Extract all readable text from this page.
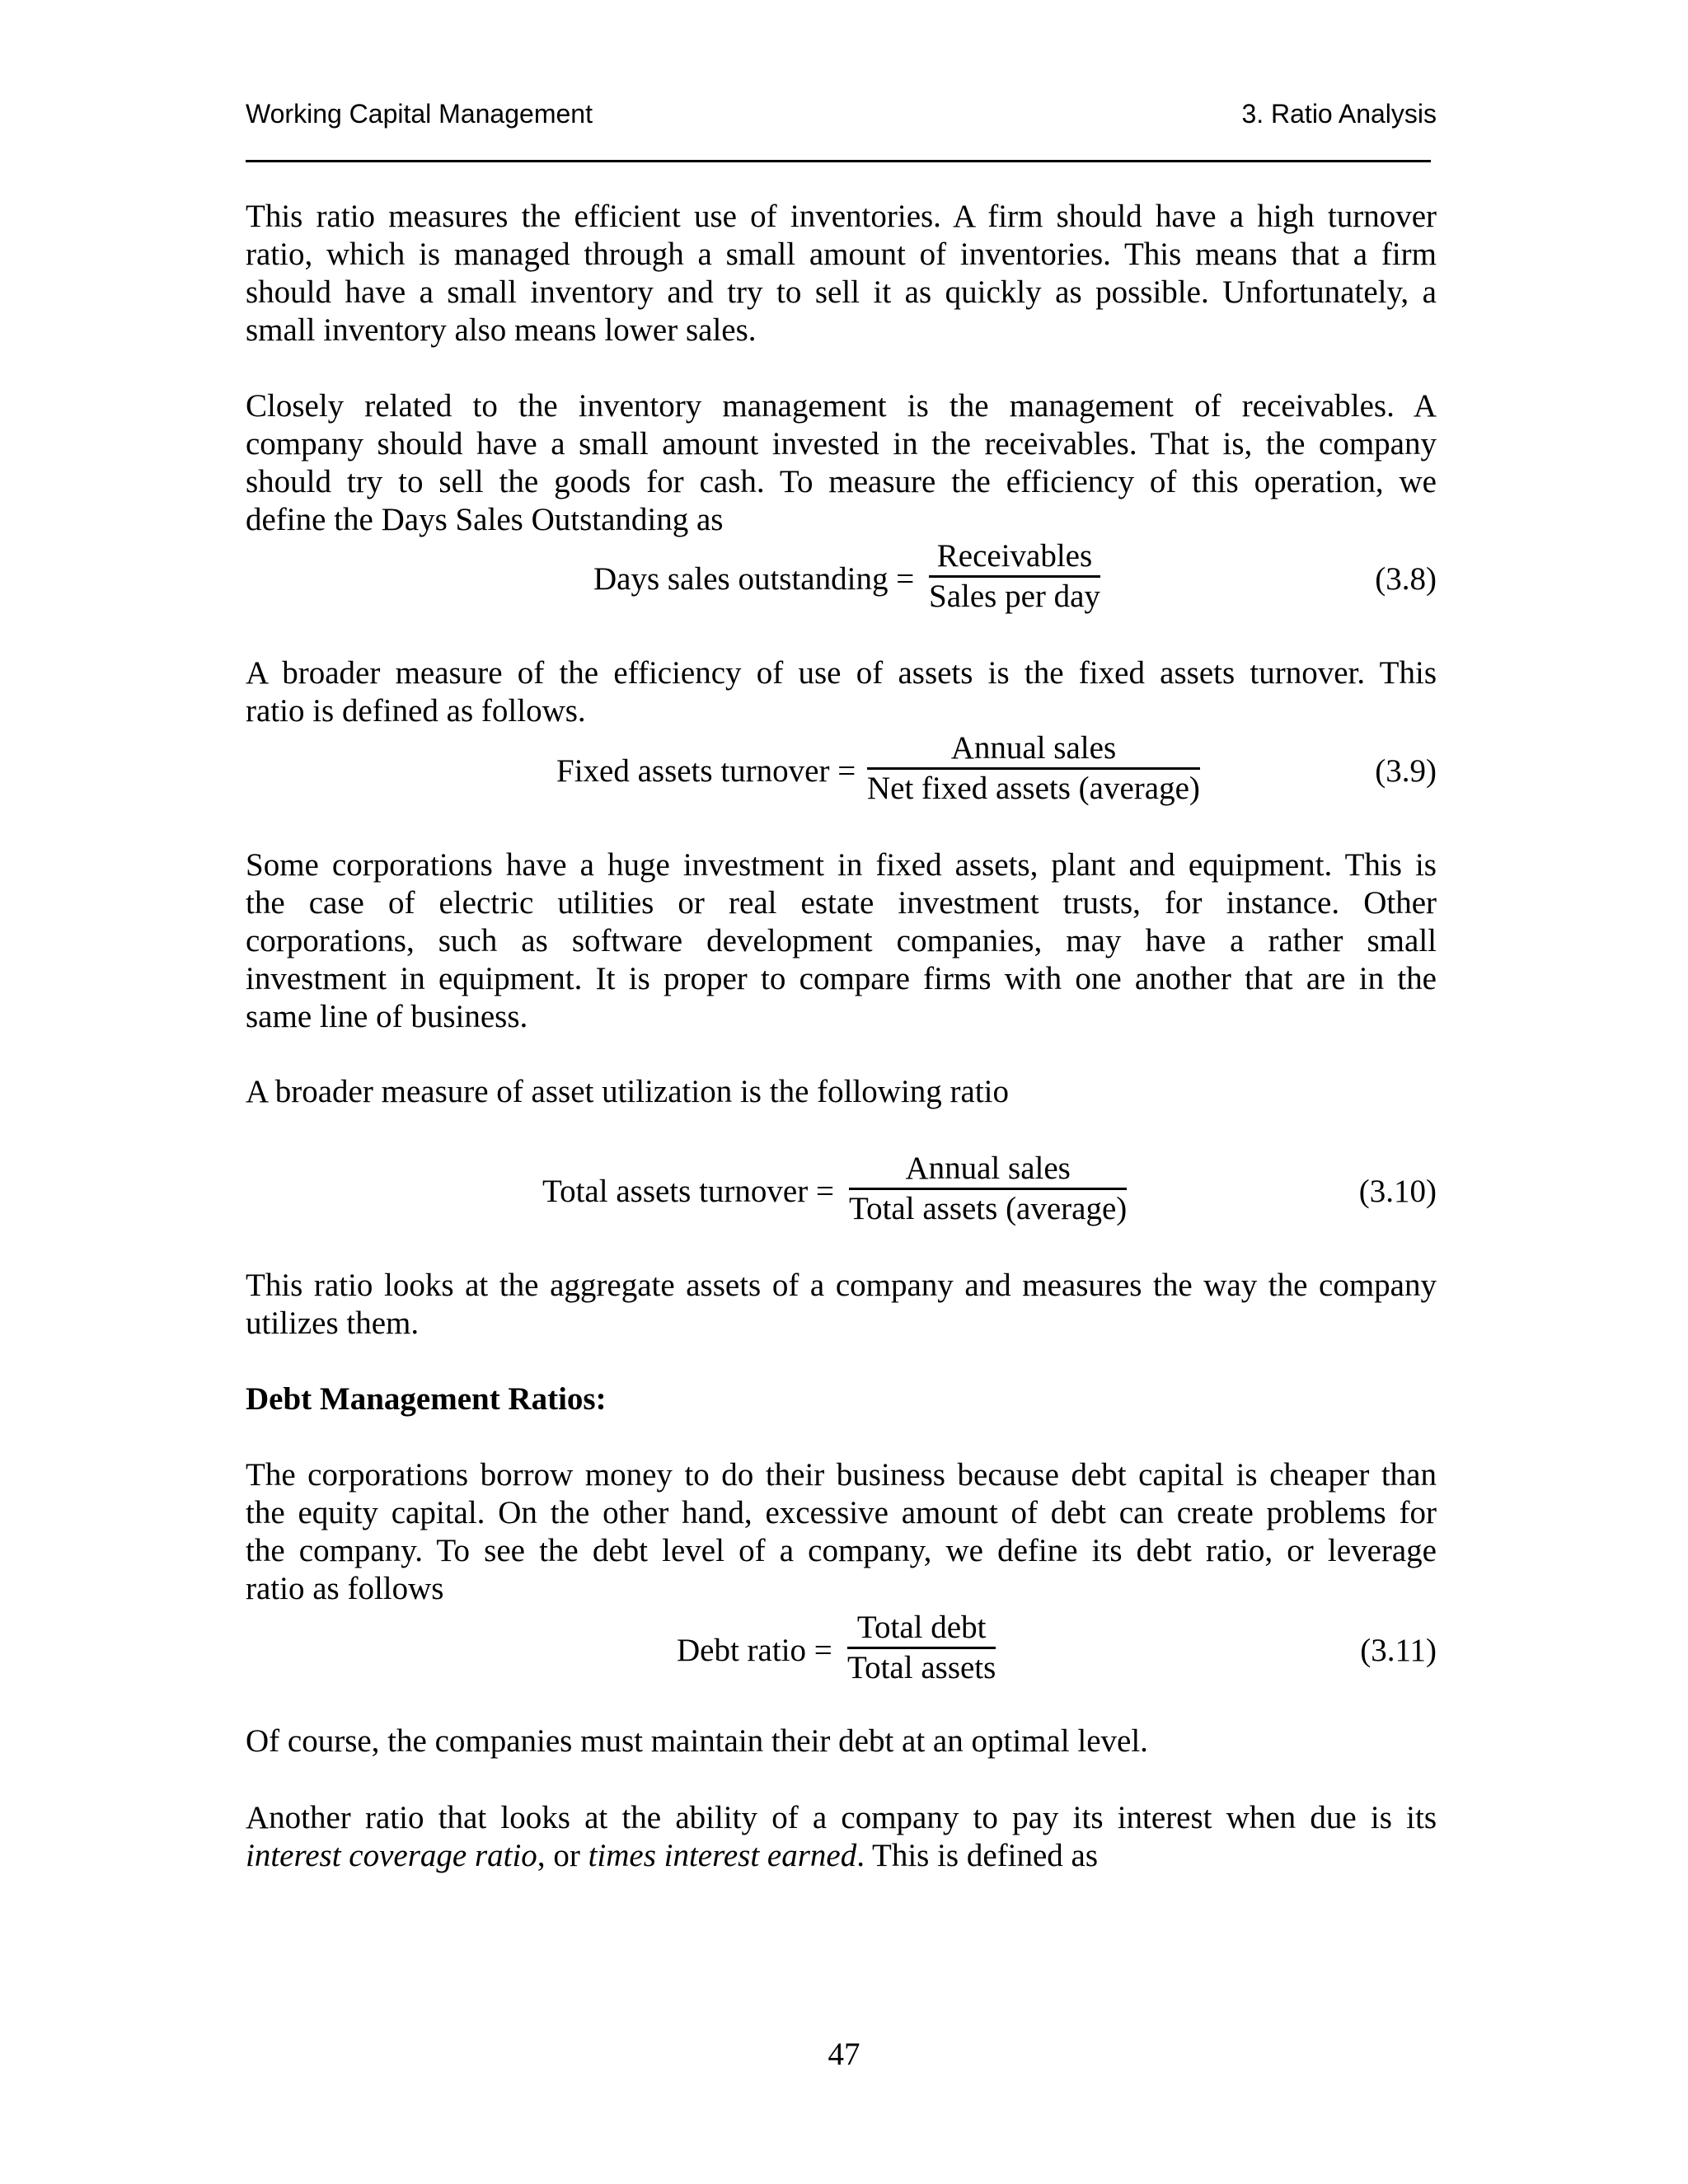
Working Capital Management	3. Ratio Analysis
This ratio measures the efficient use of inventories. A firm should have a high turnover
ratio, which is managed through a small amount of inventories. This means that a firm
should have a small inventory and try to sell it as quickly as possible. Unfortunately, a
small inventory also means lower sales.
Closely related to the inventory management is the management of receivables. A
company should have a small amount invested in the receivables. That is, the company
should try to sell the goods for cash. To measure the efficiency of this operation, we
define the Days Sales Outstanding as
Days sales outstanding =
Receivables
Sales per day	(3.8)
A broader measure of the efficiency of use of assets is the fixed assets turnover. This
ratio is defined as follows.
Fixed assets turnover =
Annual sales
Net fixed assets (average)	(3.9)
Some corporations have a huge investment in fixed assets, plant and equipment. This is
the case of electric utilities or real estate investment trusts, for instance. Other
corporations, such as software development companies, may have a rather small
investment in equipment. It is proper to compare firms with one another that are in the
same line of business.
A broader measure of asset utilization is the following ratio
Total assets turnover =
Annual sales
Total assets (average)	(3.10)
This ratio looks at the aggregate assets of a company and measures the way the company
utilizes them.
Debt Management Ratios:
The corporations borrow money to do their business because debt capital is cheaper than
the equity capital. On the other hand, excessive amount of debt can create problems for
the company. To see the debt level of a company, we define its debt ratio, or leverage
ratio as follows
Debt ratio =
Total debt
Total assets	(3.11)
Of course, the companies must maintain their debt at an optimal level.
Another ratio that looks at the ability of a company to pay its interest when due is its
interest coverage ratio, or times interest earned. This is defined as
47
